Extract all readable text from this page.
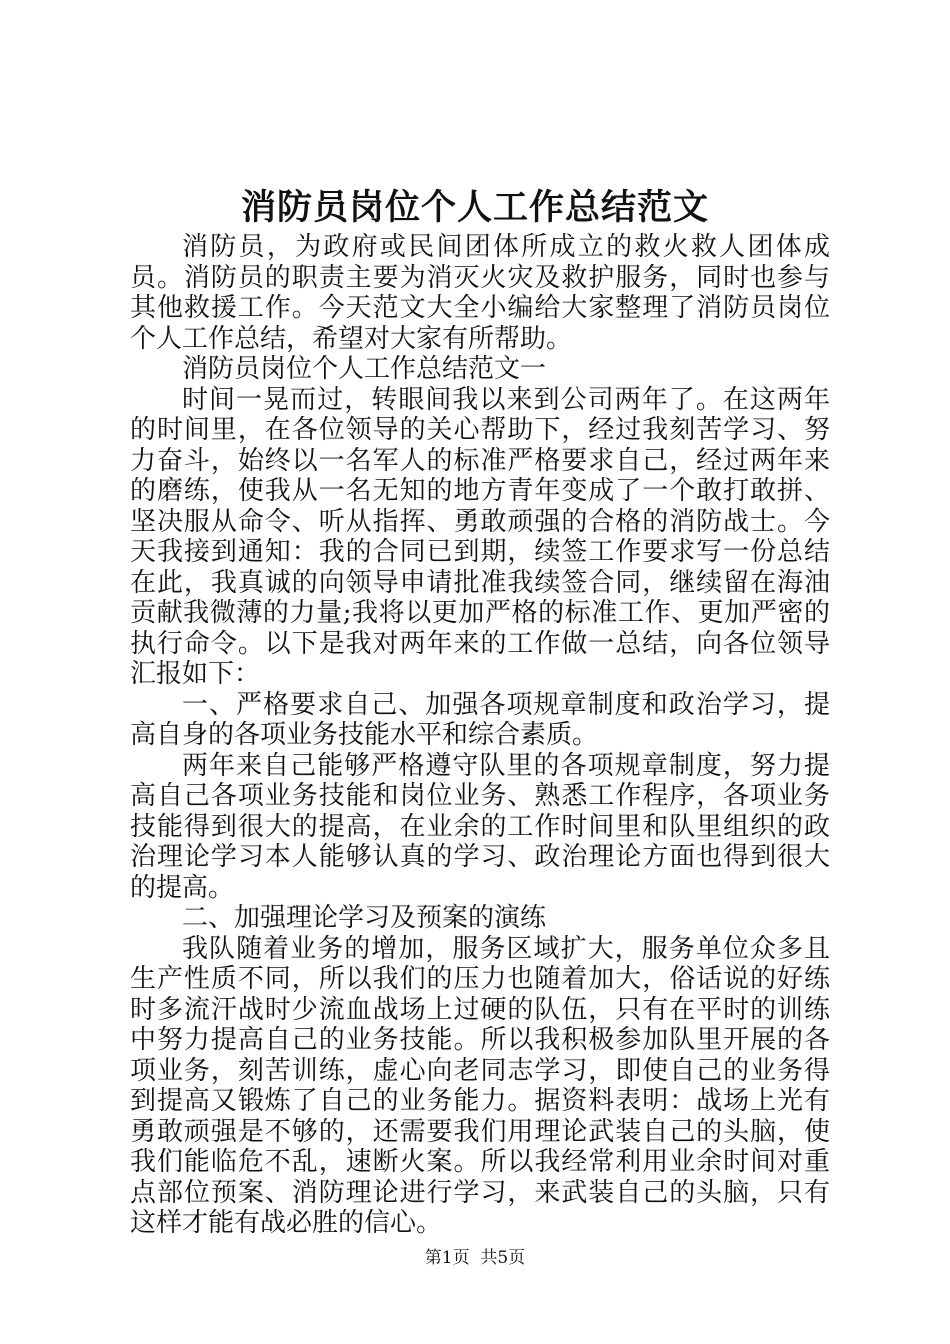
消防员岗位个人工作总结范文

消防员，为政府或民间团体所成立的救火救人团体成员。消防员的职责主要为消灭火灾及救护服务，同时也参与其他救援工作。今天范文大全小编给大家整理了消防员岗位个人工作总结，希望对大家有所帮助。

消防员岗位个人工作总结范文一

时间一晃而过，转眼间我以来到公司两年了。在这两年的时间里，在各位领导的关心帮助下，经过我刻苦学习、努力奋斗，始终以一名军人的标准严格要求自己，经过两年来的磨练，使我从一名无知的地方青年变成了一个敢打敢拼、坚决服从命令、听从指挥、勇敢顽强的合格的消防战士。今天我接到通知：我的合同已到期，续签工作要求写一份总结在此，我真诚的向领导申请批准我续签合同，继续留在海油贡献我微薄的力量;我将以更加严格的标准工作、更加严密的执行命令。以下是我对两年来的工作做一总结，向各位领导汇报如下：

一、严格要求自己、加强各项规章制度和政治学习，提高自身的各项业务技能水平和综合素质。

两年来自己能够严格遵守队里的各项规章制度，努力提高自己各项业务技能和岗位业务、熟悉工作程序，各项业务技能得到很大的提高，在业余的工作时间里和队里组织的政治理论学习本人能够认真的学习、政治理论方面也得到很大的提高。

二、加强理论学习及预案的演练

我队随着业务的增加，服务区域扩大，服务单位众多且生产性质不同，所以我们的压力也随着加大，俗话说的好练时多流汗战时少流血战场上过硬的队伍，只有在平时的训练中努力提高自己的业务技能。所以我积极参加队里开展的各项业务，刻苦训练，虚心向老同志学习，即使自己的业务得到提高又锻炼了自己的业务能力。据资料表明：战场上光有勇敢顽强是不够的，还需要我们用理论武装自己的头脑，使我们能临危不乱，速断火案。所以我经常利用业余时间对重点部位预案、消防理论进行学习，来武装自己的头脑，只有这样才能有战必胜的信心。

第1页  共5页
